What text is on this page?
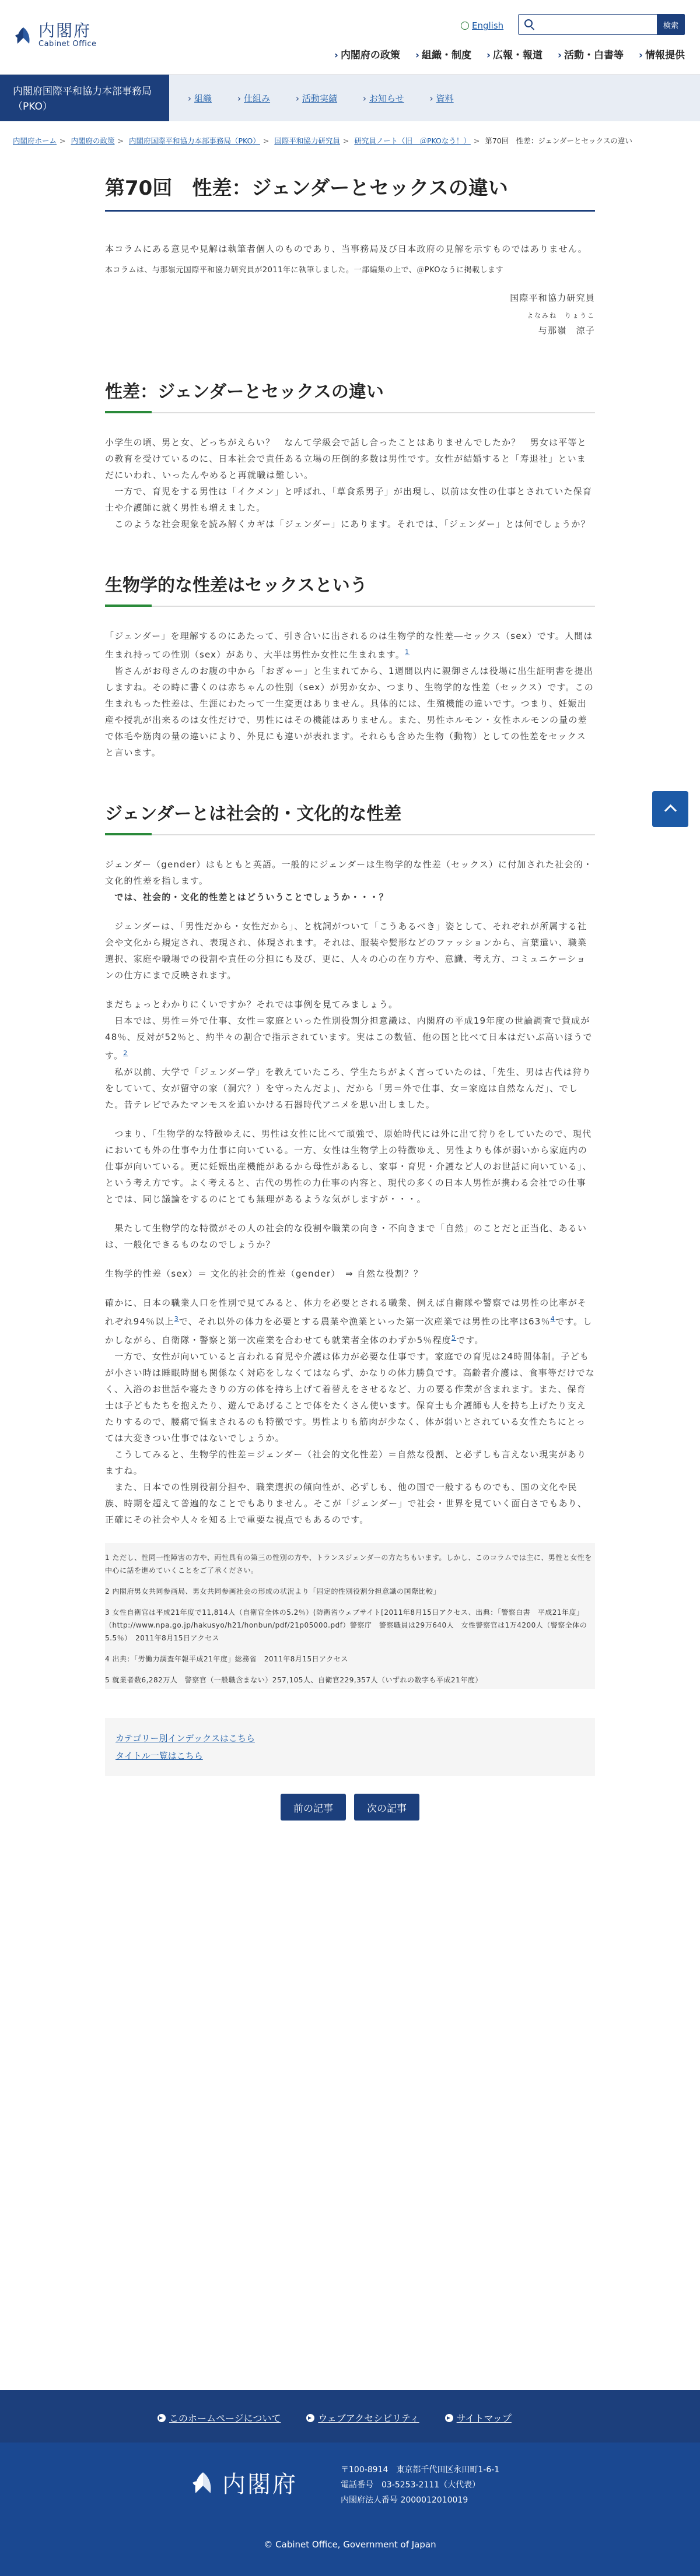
内閣府
Cabinet Office
English	検索
› 内閣府の政策	› 組織・制度	› 広報・報道	› 活動・白書等	› 情報提供
内閣府国際平和協力本部事務局（PKO）
› 組織	› 仕組み	› 活動実績	› お知らせ	› 資料
内閣府ホーム > 内閣府の政策 > 内閣府国際平和協力本部事務局（PKO） > 国際平和協力研究員 > 研究員ノート（旧　＠PKOなう！） > 第70回　性差：ジェンダーとセックスの違い
第70回　性差：ジェンダーとセックスの違い
本コラムにある意見や見解は執筆者個人のものであり、当事務局及び日本政府の見解を示すものではありません。
本コラムは、与那嶺元国際平和協力研究員が2011年に執筆しました。一部編集の上で、＠PKOなうに掲載します
国際平和協力研究員
よなみね　りょうこ
与那嶺　涼子
性差：ジェンダーとセックスの違い
小学生の頃、男と女、どっちがえらい？　なんて学級会で話し合ったことはありませんでしたか？　男女は平等との教育を受けているのに、日本社会で責任ある立場の圧倒的多数は男性です。女性が結婚すると「寿退社」といまだにいわれ、いったんやめると再就職は難しい。
　一方で、育児をする男性は「イクメン」と呼ばれ、「草食系男子」が出現し、以前は女性の仕事とされていた保育士や介護師に就く男性も増えました。
　このような社会現象を読み解くカギは「ジェンダー」にあります。それでは、「ジェンダー」とは何でしょうか？
生物学的な性差はセックスという
「ジェンダー」を理解するのにあたって、引き合いに出されるのは生物学的な性差―セックス（sex）です。人間は生まれ持っての性別（sex）があり、大半は男性か女性に生まれます。$^1$
　皆さんがお母さんのお腹の中から「おぎゃー」と生まれてから、1週間以内に親御さんは役場に出生証明書を提出しますね。その時に書くのは赤ちゃんの性別（sex）が男か女か、つまり、生物学的な性差（セックス）です。この生まれもった性差は、生涯にわたって一生変更はありません。具体的には、生殖機能の違いです。つまり、妊娠出産や授乳が出来るのは女性だけで、男性にはその機能はありません。また、男性ホルモン・女性ホルモンの量の差で体毛や筋肉の量の違いにより、外見にも違いが表れます。それらも含めた生物（動物）としての性差をセックスと言います。
ジェンダーとは社会的・文化的な性差
ジェンダー（gender）はもともと英語。一般的にジェンダーは生物学的な性差（セックス）に付加された社会的・文化的性差を指します。
　では、社会的・文化的性差とはどういうことでしょうか・・・？
　ジェンダーは、「男性だから・女性だから」、と枕詞がついて「こうあるべき」姿として、それぞれが所属する社会や文化から規定され、表現され、体現されます。それは、服装や髪形などのファッションから、言葉遣い、職業選択、家庭や職場での役割や責任の分担にも及び、更に、人々の心の在り方や、意識、考え方、コミュニケーションの仕方にまで反映されます。
まだちょっとわかりにくいですか？それでは事例を見てみましょう。
　日本では、男性＝外で仕事、女性＝家庭といった性別役割分担意識は、内閣府の平成19年度の世論調査で賛成が48％、反対が52％と、約半々の割合で指示されています。実はこの数値、他の国と比べて日本はだいぶ高いほうです。$^2$
　私が以前、大学で「ジェンダー学」を教えていたころ、学生たちがよく言っていたのは、「先生、男は古代は狩りをしていて、女が留守の家（洞穴？）を守ったんだよ」、だから「男＝外で仕事、女＝家庭は自然なんだ」、でした。昔テレビでみたマンモスを追いかける石器時代アニメを思い出しました。
　つまり、「生物学的な特徴ゆえに、男性は女性に比べて頑強で、原始時代には外に出て狩りをしていたので、現代においても外の仕事や力仕事に向いている。一方、女性は生物学上の特徴ゆえ、男性よりも体が弱いから家庭内の仕事が向いている。更に妊娠出産機能があるから母性があるし、家事・育児・介護など人のお世話に向いている」、という考え方です。よく考えると、古代の男性の力仕事の内容と、現代の多くの日本人男性が携わる会社での仕事とでは、同じ議論をするのにとても無理があるような気がしますが・・・。
　果たして生物学的な特徴がその人の社会的な役割や職業の向き・不向きまで「自然」のことだと正当化、あるいは、一般化できるものなのでしょうか？
生物学的性差（sex）＝ 文化的社会的性差（gender）　⇒ 自然な役割？？
確かに、日本の職業人口を性別で見てみると、体力を必要とされる職業、例えば自衛隊や警察では男性の比率がそれぞれ94％以上$^3$で、それ以外の体力を必要とする農業や漁業といった第一次産業では男性の比率は63％$^4$です。しかしながら、自衛隊・警察と第一次産業を合わせても就業者全体のわずか5％程度$^5$です。
　一方で、女性が向いていると言われる育児や介護は体力が必要な仕事です。家庭での育児は24時間体制。子どもが小さい時は睡眠時間も関係なく対応をしなくてはならず、かなりの体力勝負です。高齢者介護は、食事等だけでなく、入浴のお世話や寝たきりの方の体を持ち上げて着替えをさせるなど、力の要る作業が含まれます。また、保育士は子どもたちを抱えたり、遊んであげることで体をたくさん使います。保育士も介護師も人を持ち上げたり支えたりするので、腰痛で悩まされるのも特徴です。男性よりも筋肉が少なく、体が弱いとされている女性たちにとっては大変きつい仕事ではないでしょうか。
　こうしてみると、生物学的性差＝ジェンダー（社会的文化性差）＝自然な役割、と必ずしも言えない現実がありますね。
　また、日本での性別役割分担や、職業選択の傾向性が、必ずしも、他の国で一般するものでも、国の文化や民族、時期を超えて普遍的なことでもありません。そこが「ジェンダー」で社会・世界を見ていく面白さでもあり、正確にその社会や人々を知る上で重要な視点でもあるのです。
1 ただし、性同一性障害の方や、両性具有の第三の性別の方や、トランスジェンダーの方たちもいます。しかし、このコラムでは主に、男性と女性を中心に話を進めていくことをご了承ください。
2 内閣府男女共同参画局、男女共同参画社会の形成の状況より「固定的性別役割分担意識の国際比較」
3 女性自衛官は平成21年度で11,814人（自衛官全体の5.2％）(防衛省ウェブサイト[2011年8月15日アクセス、出典：「警察白書　平成21年度」（http://www.npa.go.jp/hakusyo/h21/honbun/pdf/21p05000.pdf）警察庁　警察職員は29万640人　女性警察官は1万4200人（警察全体の5.5％）　2011年8月15日アクセス
4 出典：「労働力調査年報平成21年度」総務省　2011年8月15日アクセス
5 就業者数6,282万人　警察官（一般職含まない）257,105人、自衛官229,357人（いずれの数字も平成21年度）
カテゴリー別インデックスはこちら
タイトル一覧はこちら
前の記事	次の記事
このホームページについて	ウェブアクセシビリティ	サイトマップ
内閣府
〒100-8914　東京都千代田区永田町1-6-1
電話番号　03-5253-2111（大代表）
内閣府法人番号 2000012010019
© Cabinet Office, Government of Japan
